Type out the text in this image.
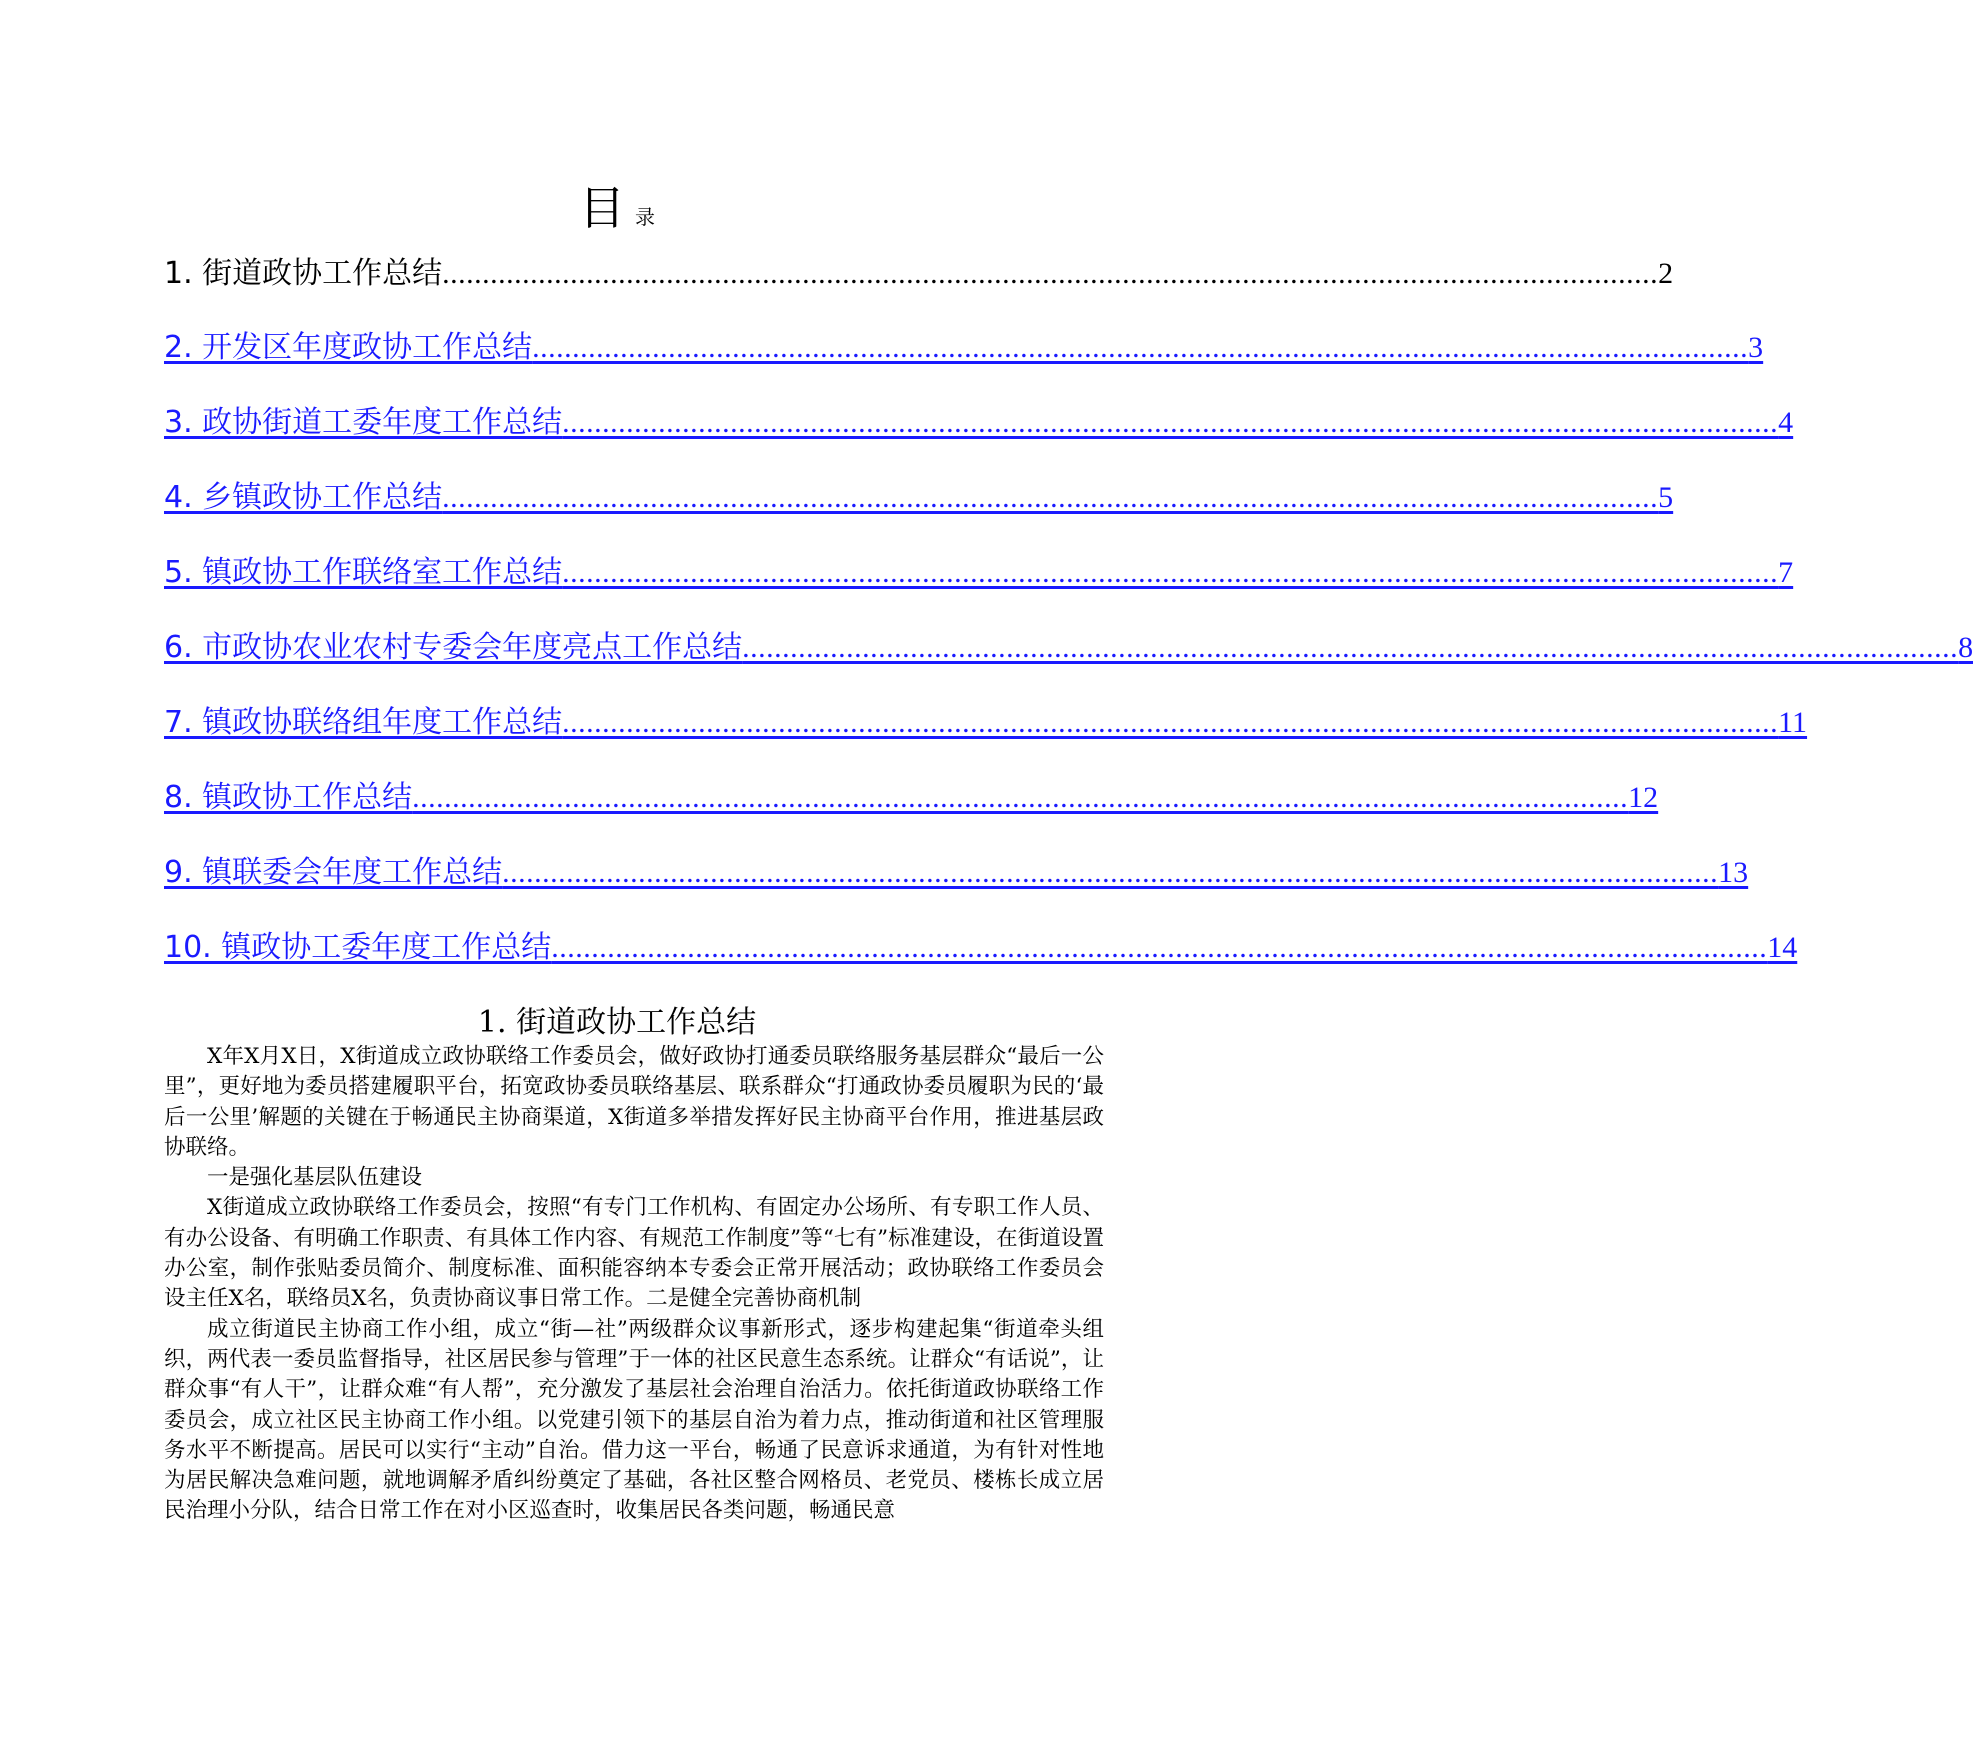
目录
1. 街道政协工作总结 ........................................................................................................................................................ 2
2. 开发区年度政协工作总结 ........................................................................................................................................................ 3
3. 政协街道工委年度工作总结 ........................................................................................................................................................ 4
4. 乡镇政协工作总结 ........................................................................................................................................................ 5
5. 镇政协工作联络室工作总结 ........................................................................................................................................................ 7
6. 市政协农业农村专委会年度亮点工作总结 ........................................................................................................................................................ 8
7. 镇政协联络组年度工作总结 ........................................................................................................................................................ 11
8. 镇政协工作总结 ........................................................................................................................................................ 12
9. 镇联委会年度工作总结 ........................................................................................................................................................ 13
10. 镇政协工委年度工作总结 ........................................................................................................................................................ 14
1. 街道政协工作总结

X年X月X日，X街道成立政协联络工作委员会，做好政协打通委员联络服务基层群众“最后一公里”，更好地为委员搭建履职平台，拓宽政协委员联络基层、联系群众“打通政协委员履职为民的‘最后一公里’解题的关键在于畅通民主协商渠道，X街道多举措发挥好民主协商平台作用，推进基层政协联络。

一是强化基层队伍建设

X街道成立政协联络工作委员会，按照“有专门工作机构、有固定办公场所、有专职工作人员、有办公设备、有明确工作职责、有具体工作内容、有规范工作制度”等“七有”标准建设，在街道设置办公室，制作张贴委员简介、制度标准、面积能容纳本专委会正常开展活动；政协联络工作委员会设主任X名，联络员X名，负责协商议事日常工作。二是健全完善协商机制

成立街道民主协商工作小组，成立“街—社”两级群众议事新形式，逐步构建起集“街道牵头组织，两代表一委员监督指导，社区居民参与管理”于一体的社区民意生态系统。让群众“有话说”，让群众事“有人干”，让群众难“有人帮”，充分激发了基层社会治理自治活力。依托街道政协联络工作委员会，成立社区民主协商工作小组。以党建引领下的基层自治为着力点，推动街道和社区管理服务水平不断提高。居民可以实行“主动”自治。借力这一平台，畅通了民意诉求通道，为有针对性地为居民解决急难问题，就地调解矛盾纠纷奠定了基础，各社区整合网格员、老党员、楼栋长成立居民治理小分队，结合日常工作在对小区巡查时，收集居民各类问题，畅通民意
